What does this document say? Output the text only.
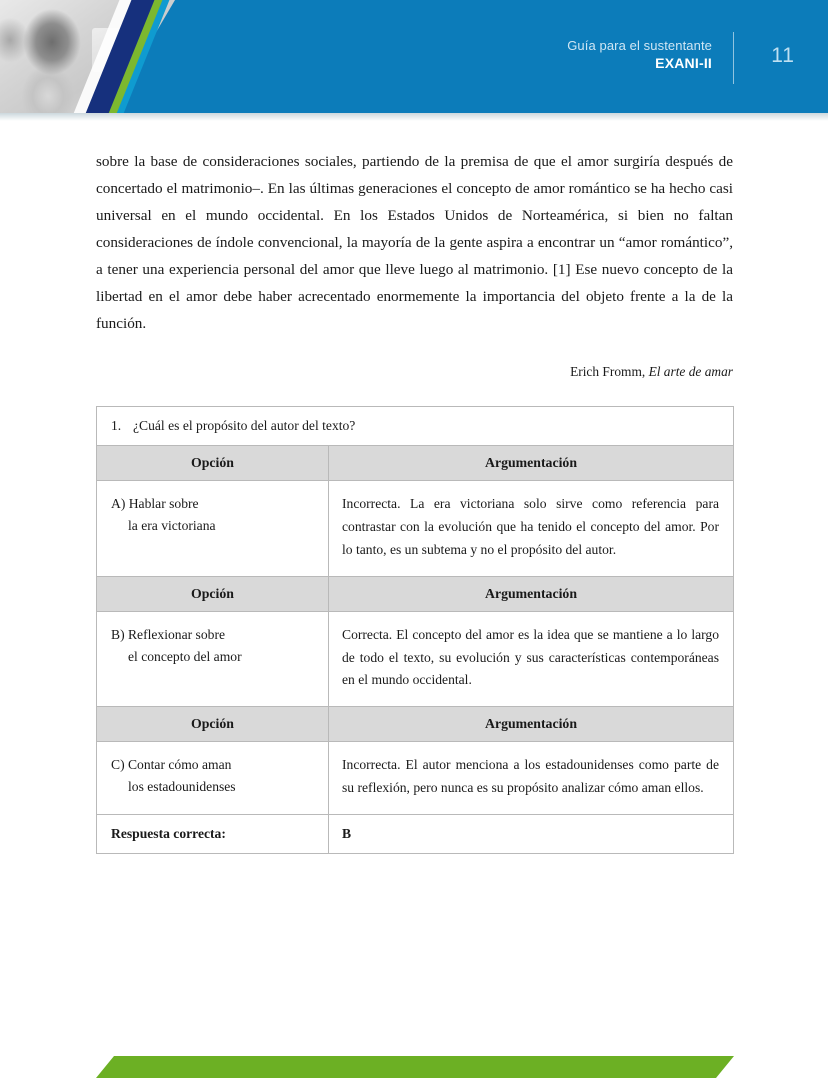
Guía para el sustentante
EXANI-II	11

sobre la base de consideraciones sociales, partiendo de la premisa de que el amor surgiría después de concertado el matrimonio–. En las últimas generaciones el concepto de amor romántico se ha hecho casi universal en el mundo occidental. En los Estados Unidos de Norteamérica, si bien no faltan consideraciones de índole convencional, la mayoría de la gente aspira a encontrar un “amor romántico”, a tener una experiencia personal del amor que lleve luego al matrimonio. [1] Ese nuevo concepto de la libertad en el amor debe haber acrecentado enormemente la importancia del objeto frente a la de la función.

Erich Fromm, El arte de amar
1. ¿Cuál es el propósito del autor del texto?	
Opción	Argumentación
A) Hablar sobre
la era victoriana	Incorrecta. La era victoriana solo sirve como referencia para contrastar con la evolución que ha tenido el concepto del amor. Por lo tanto, es un subtema y no el propósito del autor.
Opción	Argumentación
B) Reflexionar sobre
el concepto del amor	Correcta. El concepto del amor es la idea que se mantiene a lo largo de todo el texto, su evolución y sus características contemporáneas en el mundo occidental.
Opción	Argumentación
C) Contar cómo aman
los estadounidenses	Incorrecta. El autor menciona a los estadounidenses como parte de su reflexión, pero nunca es su propósito analizar cómo aman ellos.
Respuesta correcta:	B
